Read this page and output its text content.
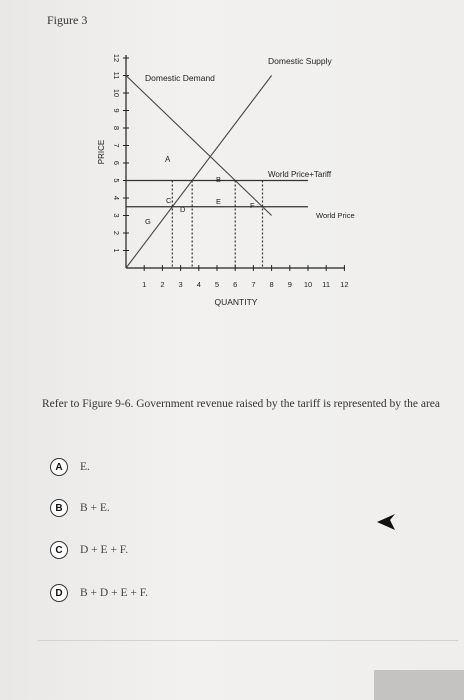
Figure 3
1
2
3
4
5
6
7
8
9
10
11
12
1 2 3 4 5 6 7 8 9 10 11 12
PRICE
QUANTITY
Domestic Demand
Domestic Supply
World Price+Tariff
World Price
A
B
C
D
E	F
G
Refer to Figure 9-6. Government revenue raised by the tariff is represented by the area
A	E.
B	B + E.
C	D + E + F.
D	B + D + E + F.
